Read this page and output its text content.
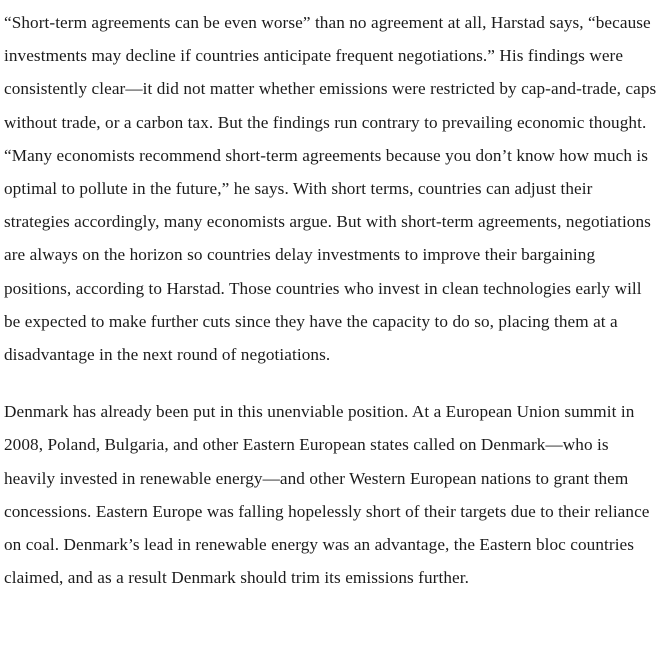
“Short-term agreements can be even worse” than no agreement at all, Harstad says, “because investments may decline if countries anticipate frequent negotiations.” His findings were consistently clear—it did not matter whether emissions were restricted by cap-and-trade, caps without trade, or a carbon tax. But the findings run contrary to prevailing economic thought. “Many economists recommend short-term agreements because you don’t know how much is optimal to pollute in the future,” he says. With short terms, countries can adjust their strategies accordingly, many economists argue. But with short-term agreements, negotiations are always on the horizon so countries delay investments to improve their bargaining positions, according to Harstad. Those countries who invest in clean technologies early will be expected to make further cuts since they have the capacity to do so, placing them at a disadvantage in the next round of negotiations.

Denmark has already been put in this unenviable position. At a European Union summit in 2008, Poland, Bulgaria, and other Eastern European states called on Denmark—who is heavily invested in renewable energy—and other Western European nations to grant them concessions. Eastern Europe was falling hopelessly short of their targets due to their reliance on coal. Denmark’s lead in renewable energy was an advantage, the Eastern bloc countries claimed, and as a result Denmark should trim its emissions further.
